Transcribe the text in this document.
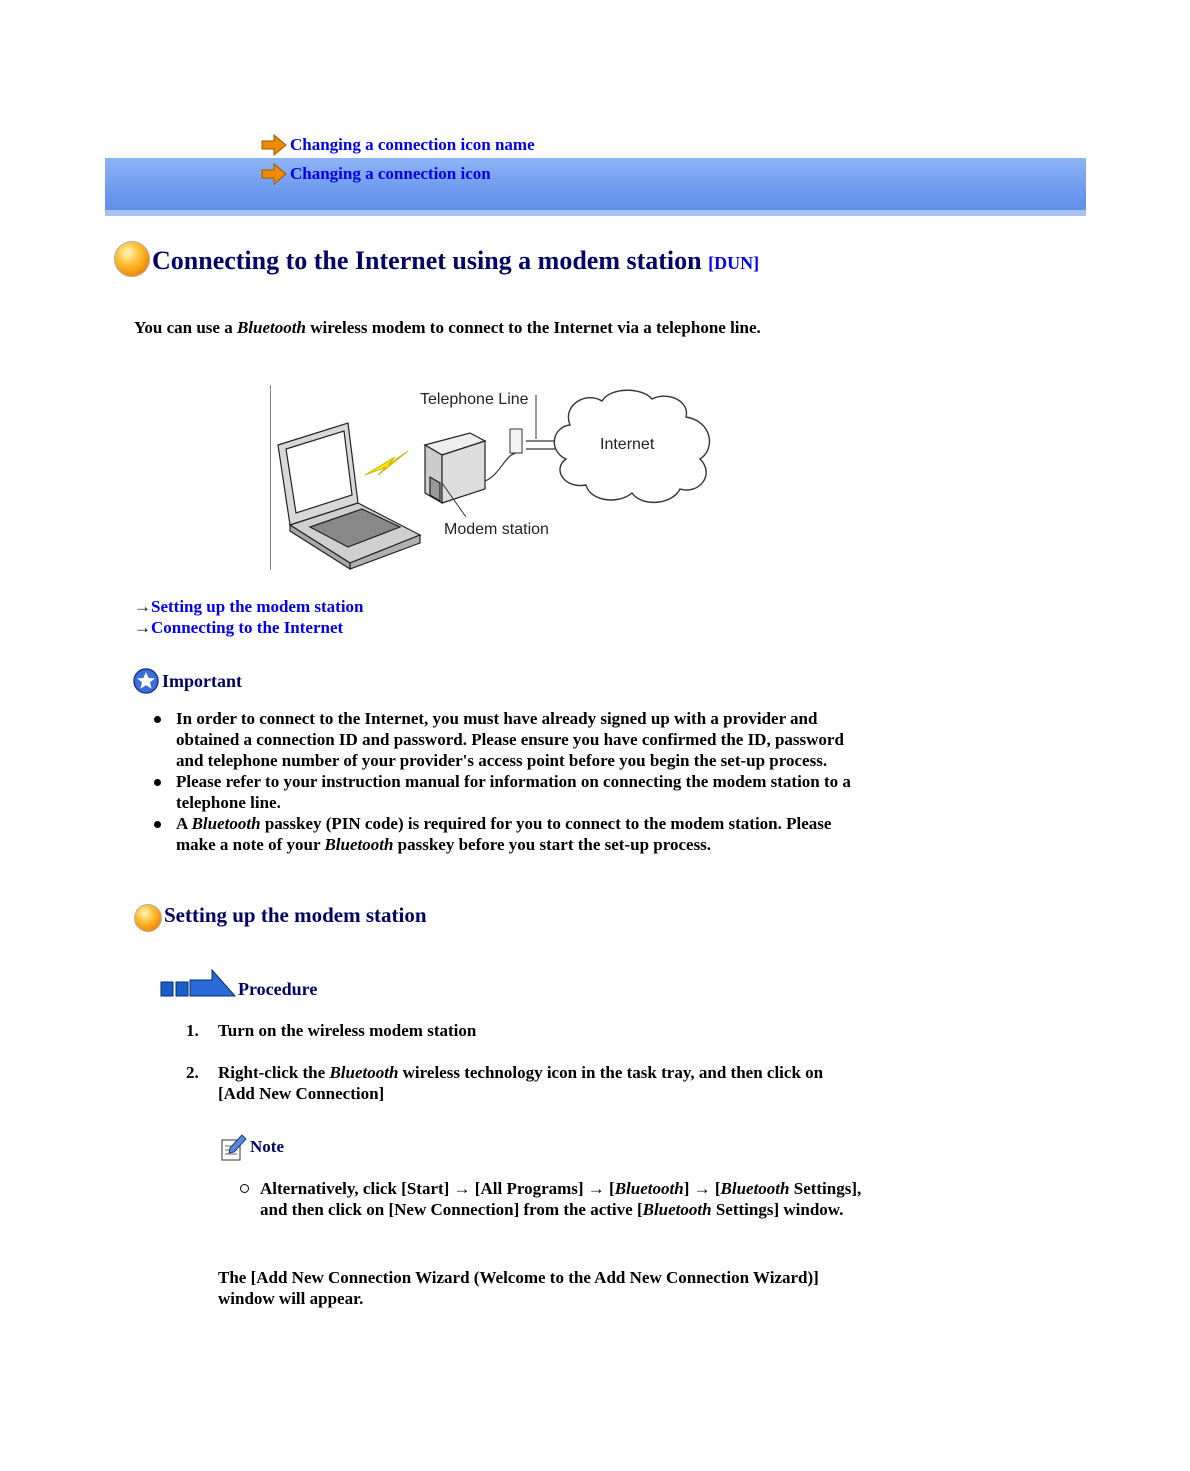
Changing a connection icon name
Changing a connection icon
Connecting to the Internet using a modem station [DUN]
You can use a Bluetooth wireless modem to connect to the Internet via a telephone line.
Telephone Line
Internet
Modem station
→Setting up the modem station
→Connecting to the Internet
Important
In order to connect to the Internet, you must have already signed up with a provider and obtained a connection ID and password. Please ensure you have confirmed the ID, password and telephone number of your provider's access point before you begin the set-up process.
Please refer to your instruction manual for information on connecting the modem station to a telephone line.
A Bluetooth passkey (PIN code) is required for you to connect to the modem station. Please make a note of your Bluetooth passkey before you start the set-up process.
Setting up the modem station
Procedure
1. Turn on the wireless modem station
2. Right-click the Bluetooth wireless technology icon in the task tray, and then click on [Add New Connection]
Note
Alternatively, click [Start] → [All Programs] → [Bluetooth] → [Bluetooth Settings], and then click on [New Connection] from the active [Bluetooth Settings] window.
The [Add New Connection Wizard (Welcome to the Add New Connection Wizard)] window will appear.
